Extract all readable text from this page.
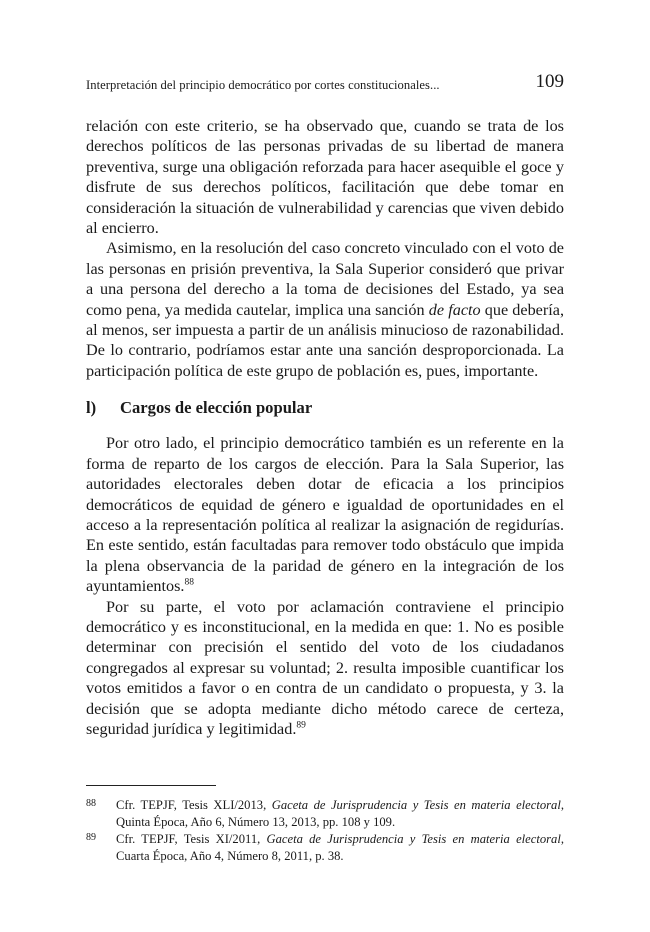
Interpretación del principio democrático por cortes constitucionales...	109

relación con este criterio, se ha observado que, cuando se trata de los derechos políticos de las personas privadas de su libertad de manera preventiva, surge una obligación reforzada para hacer asequible el goce y disfrute de sus derechos políticos, facilitación que debe tomar en consideración la situación de vulnerabilidad y carencias que viven debido al encierro.

Asimismo, en la resolución del caso concreto vinculado con el voto de las personas en prisión preventiva, la Sala Superior consideró que privar a una persona del derecho a la toma de decisiones del Estado, ya sea como pena, ya medida cautelar, implica una sanción de facto que debería, al menos, ser impuesta a partir de un análisis minucioso de razonabilidad. De lo contrario, podríamos estar ante una sanción desproporcionada. La participación política de este grupo de población es, pues, importante.

l)	Cargos de elección popular

Por otro lado, el principio democrático también es un referente en la forma de reparto de los cargos de elección. Para la Sala Superior, las autoridades electorales deben dotar de eficacia a los principios democráticos de equidad de género e igualdad de oportunidades en el acceso a la representación política al realizar la asignación de regidurías. En este sentido, están facultadas para remover todo obstáculo que impida la plena observancia de la paridad de género en la integración de los ayuntamientos.$^{88}$

Por su parte, el voto por aclamación contraviene el principio democrático y es inconstitucional, en la medida en que: 1. No es posible determinar con precisión el sentido del voto de los ciudadanos congregados al expresar su voluntad; 2. resulta imposible cuantificar los votos emitidos a favor o en contra de un candidato o propuesta, y 3. la decisión que se adopta mediante dicho método carece de certeza, seguridad jurídica y legitimidad.$^{89}$

88	Cfr. TEPJF, Tesis XLI/2013, Gaceta de Jurisprudencia y Tesis en materia electoral, Quinta Época, Año 6, Número 13, 2013, pp. 108 y 109.
89	Cfr. TEPJF, Tesis XI/2011, Gaceta de Jurisprudencia y Tesis en materia electoral, Cuarta Época, Año 4, Número 8, 2011, p. 38.
